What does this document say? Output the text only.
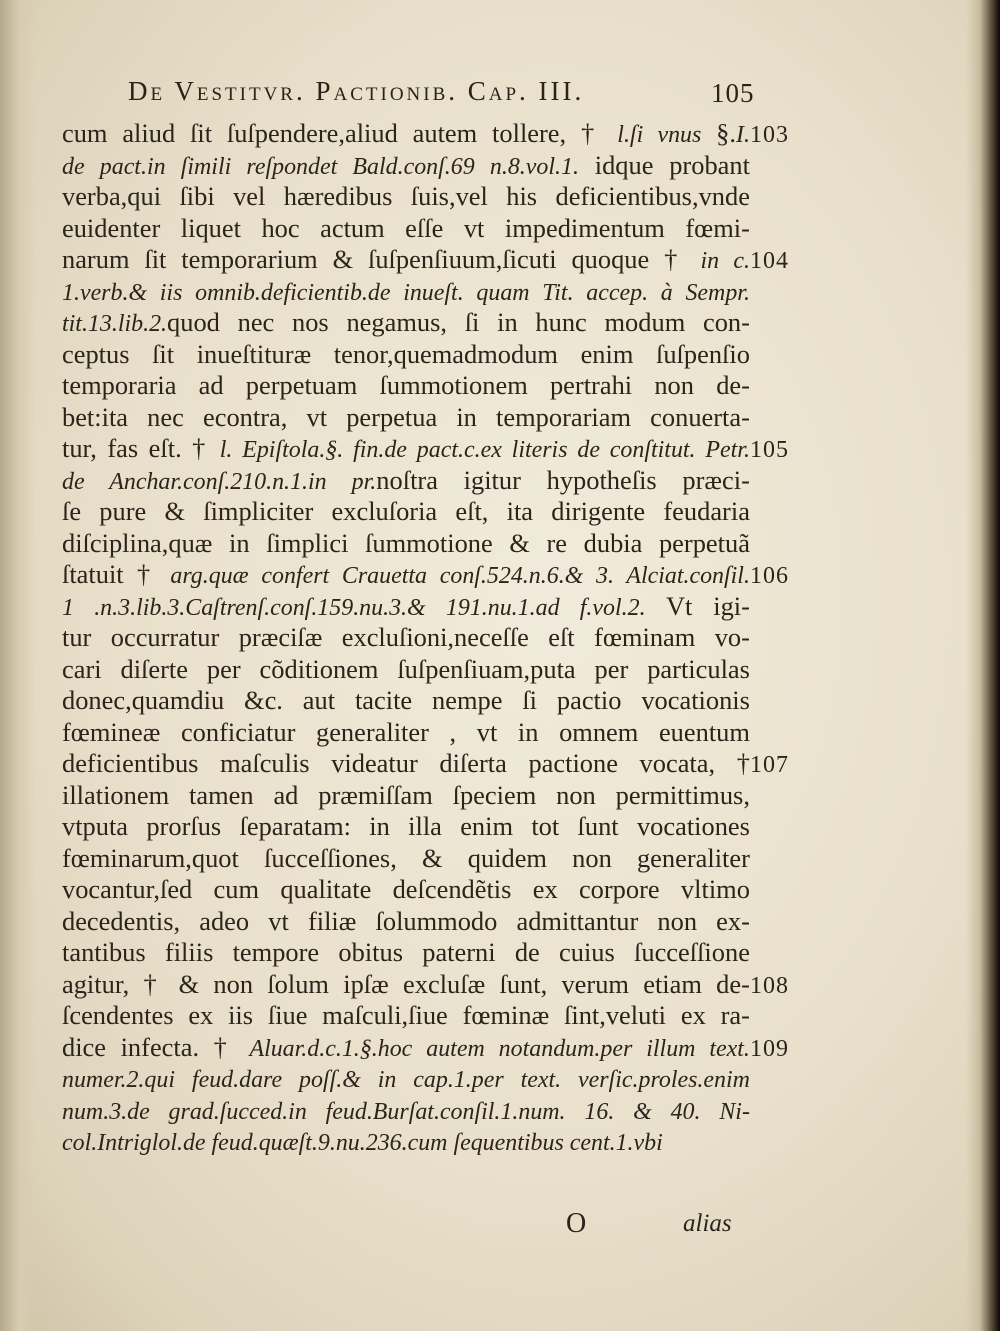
De Vestitvr. Pactionib. Cap. III.	105
cum aliud ſit ſuſpendere,aliud autem tollere, † l.ſi vnus §.I. 103
de pact.in ſimili reſpondet Bald.conſ.69 n.8.vol.1. idque probant
verba,qui ſibi vel hæredibus ſuis,vel his deficientibus,vnde
euidenter liquet hoc actum eſſe vt impedimentum fœmi-
narum ſit temporarium & ſuſpenſiuum,ſicuti quoque † in c. 104
1.verb.& iis omnib.deficientib.de inueſt. quam Tit. accep. à Sempr.
tit.13.lib.2.quod nec nos negamus, ſi in hunc modum con-
ceptus ſit inueſtituræ tenor,quemadmodum enim ſuſpenſio
temporaria ad perpetuam ſummotionem pertrahi non de-
bet:ita nec econtra, vt perpetua in temporariam conuerta-
tur, fas eſt. † l. Epiſtola.§. fin.de pact.c.ex literis de conſtitut. Petr. 105
de Anchar.conſ.210.n.1.in pr.noſtra igitur hypotheſis præci-
ſe pure & ſimpliciter excluſoria eſt, ita dirigente feudaria
diſciplina,quæ in ſimplici ſummotione & re dubia perpetuã
ſtatuit † arg.quæ confert Crauetta conſ.524.n.6.& 3. Alciat.conſil. 106
1 .n.3.lib.3.Caſtrenſ.conſ.159.nu.3.& 191.nu.1.ad f.vol.2. Vt igi-
tur occurratur præciſæ excluſioni,neceſſe eſt fœminam vo-
cari diſerte per cõditionem ſuſpenſiuam,puta per particulas
donec,quamdiu &c. aut tacite nempe ſi pactio vocationis
fœmineæ conficiatur generaliter , vt in omnem euentum
deficientibus maſculis videatur diſerta pactione vocata, † 107
illationem tamen ad præmiſſam ſpeciem non permittimus,
vtputa prorſus ſeparatam: in illa enim tot ſunt vocationes
fœminarum,quot ſucceſſiones, & quidem non generaliter
vocantur,ſed cum qualitate deſcendẽtis ex corpore vltimo
decedentis, adeo vt filiæ ſolummodo admittantur non ex-
tantibus filiis tempore obitus paterni de cuius ſucceſſione
agitur, † & non ſolum ipſæ excluſæ ſunt, verum etiam de- 108
ſcendentes ex iis ſiue maſculi,ſiue fœminæ ſint,veluti ex ra-
dice infecta. † Aluar.d.c.1.§.hoc autem notandum.per illum text. 109
numer.2.qui feud.dare poſſ.& in cap.1.per text. verſic.proles.enim
num.3.de grad.ſucced.in feud.Burſat.conſil.1.num. 16. & 40. Ni-
col.Intriglol.de feud.quæſt.9.nu.236.cum ſequentibus cent.1.vbi
O	alias
